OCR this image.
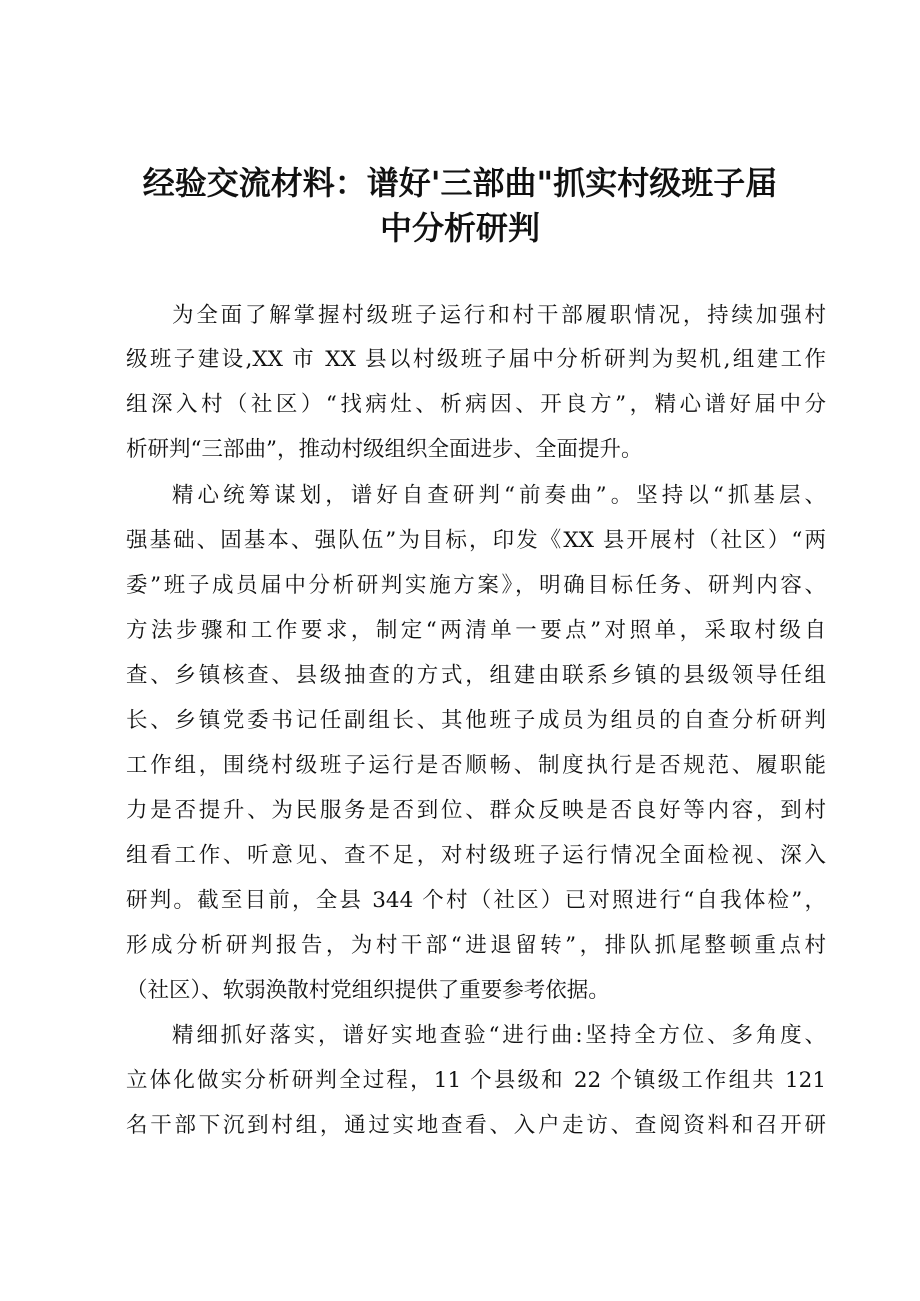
经验交流材料：谱好'三部曲"抓实村级班子届
中分析研判
为全面了解掌握村级班子运行和村干部履职情况，持续加强村
级班子建设,XX 市 XX 县以村级班子届中分析研判为契机,组建工作
组深入村（社区）“找病灶、析病因、开良方”，精心谱好届中分
析研判“三部曲”，推动村级组织全面进步、全面提升。
精心统筹谋划，谱好自查研判“前奏曲”。坚持以“抓基层、
强基础、固基本、强队伍”为目标，印发《XX 县开展村（社区）“两
委”班子成员届中分析研判实施方案》，明确目标任务、研判内容、
方法步骤和工作要求，制定“两清单一要点”对照单，采取村级自
查、乡镇核查、县级抽查的方式，组建由联系乡镇的县级领导任组
长、乡镇党委书记任副组长、其他班子成员为组员的自查分析研判
工作组，围绕村级班子运行是否顺畅、制度执行是否规范、履职能
力是否提升、为民服务是否到位、群众反映是否良好等内容，到村
组看工作、听意见、查不足，对村级班子运行情况全面检视、深入
研判。截至目前，全县 344 个村（社区）已对照进行“自我体检”，
形成分析研判报告，为村干部“进退留转”，排队抓尾整顿重点村
（社区）、软弱涣散村党组织提供了重要参考依据。
精细抓好落实，谱好实地查验“进行曲:坚持全方位、多角度、
立体化做实分析研判全过程，11 个县级和 22 个镇级工作组共 121
名干部下沉到村组，通过实地查看、入户走访、查阅资料和召开研
